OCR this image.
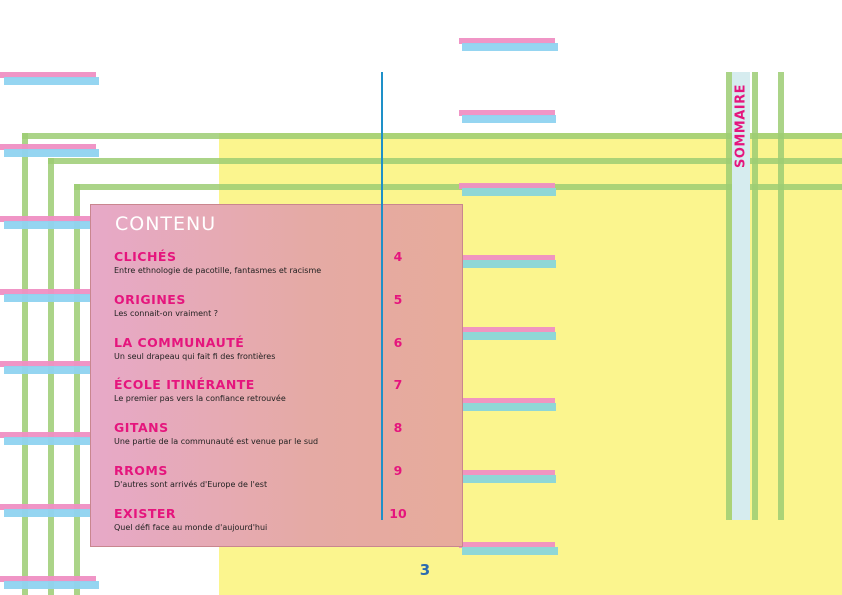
SOMMAIRE
CONTENU
CLICHÉS
Entre ethnologie de pacotille, fantasmes et racisme
4
ORIGINES
Les connait-on vraiment ?
5
LA COMMUNAUTÉ
Un seul drapeau qui fait fi des frontières
6
ÉCOLE ITINÉRANTE
Le premier pas vers la confiance retrouvée
7
GITANS
Une partie de la communauté est venue par le sud
8
RROMS
D'autres sont arrivés d'Europe de l'est
9
EXISTER
Quel défi face au monde d'aujourd'hui
10
3
